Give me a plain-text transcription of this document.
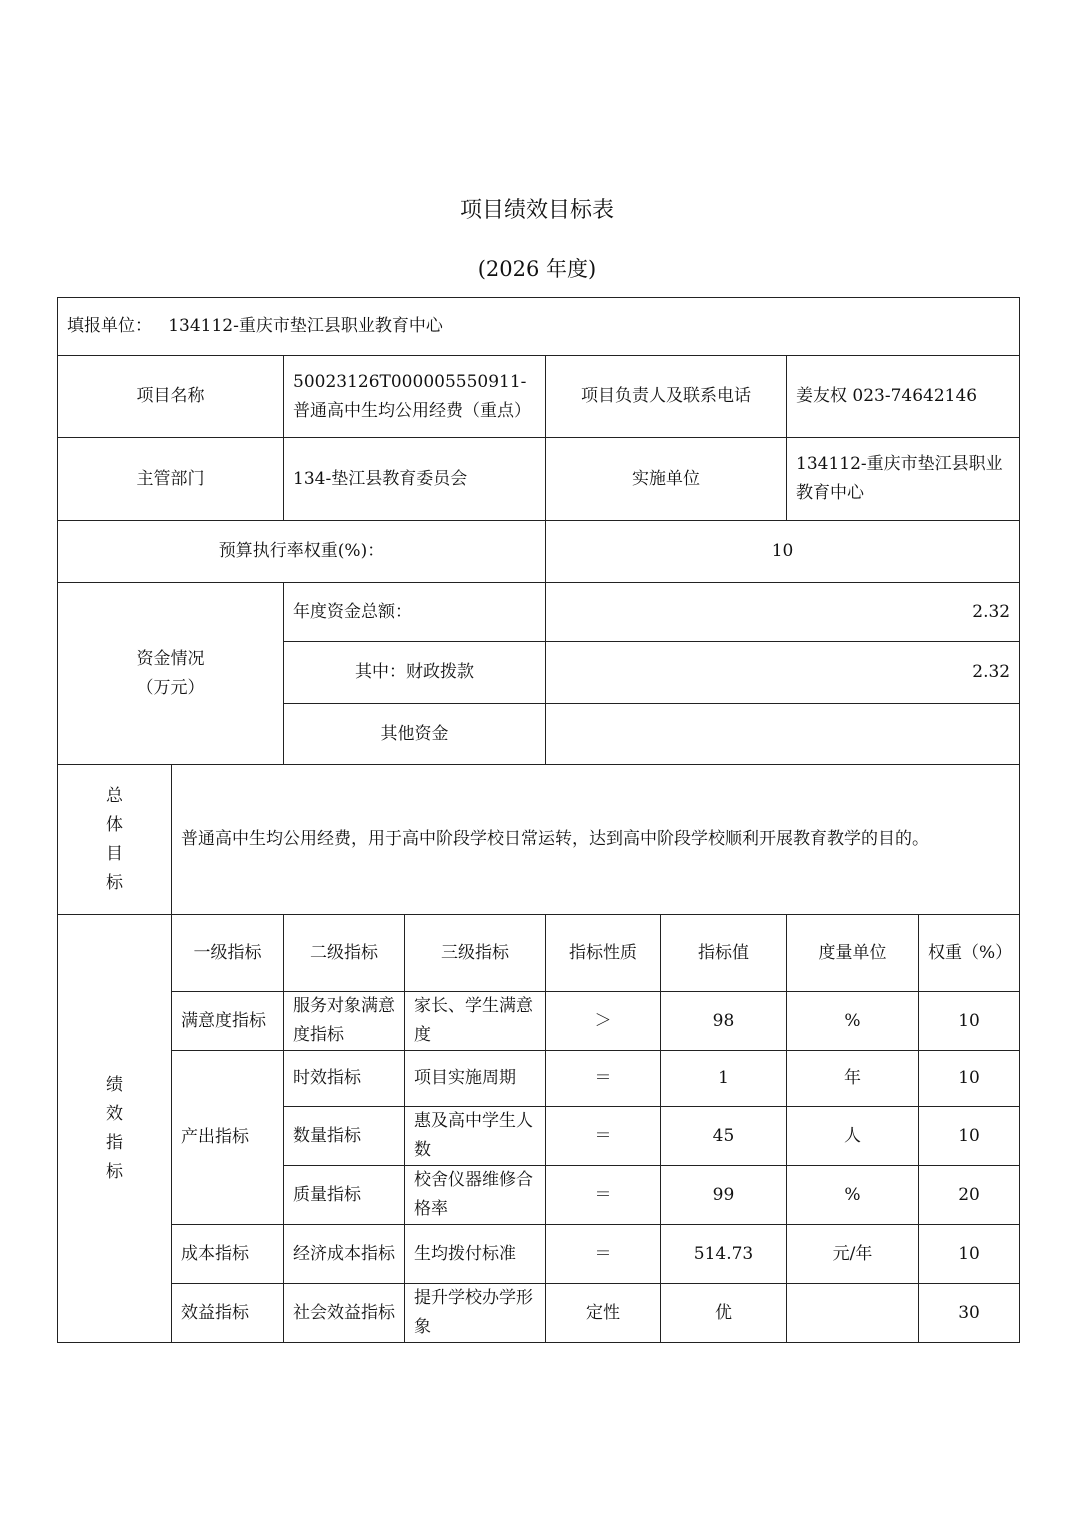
项目绩效目标表
(2026 年度)
填报单位： 134112-重庆市垫江县职业教育中心							
项目名称		50023126T000005550911-普通高中生均公用经费（重点）		项目负责人及联系电话		姜友权 023-74642146	
主管部门		134-垫江县教育委员会		实施单位		134112-重庆市垫江县职业教育中心	
预算执行率权重(%)：				10			

资金情况
（万元）		年度资金总额：		2.32			
		其中：财政拨款		2.32			
		其他资金					

总
体
目
标	普通高中生均公用经费，用于高中阶段学校日常运转，达到高中阶段学校顺利开展教育教学的目的。						

绩
效
指
标	一级指标	二级指标	三级指标	指标性质	指标值	度量单位	权重（%）
	满意度指标	服务对象满意度指标	家长、学生满意度	＞	98	%	10
	产出指标	时效指标	项目实施周期	＝	1	年	10
		数量指标	惠及高中学生人数	＝	45	人	10
		质量指标	校舍仪器维修合格率	＝	99	%	20
	成本指标	经济成本指标	生均拨付标准	＝	514.73	元/年	10
	效益指标	社会效益指标	提升学校办学形象	定性	优		30
